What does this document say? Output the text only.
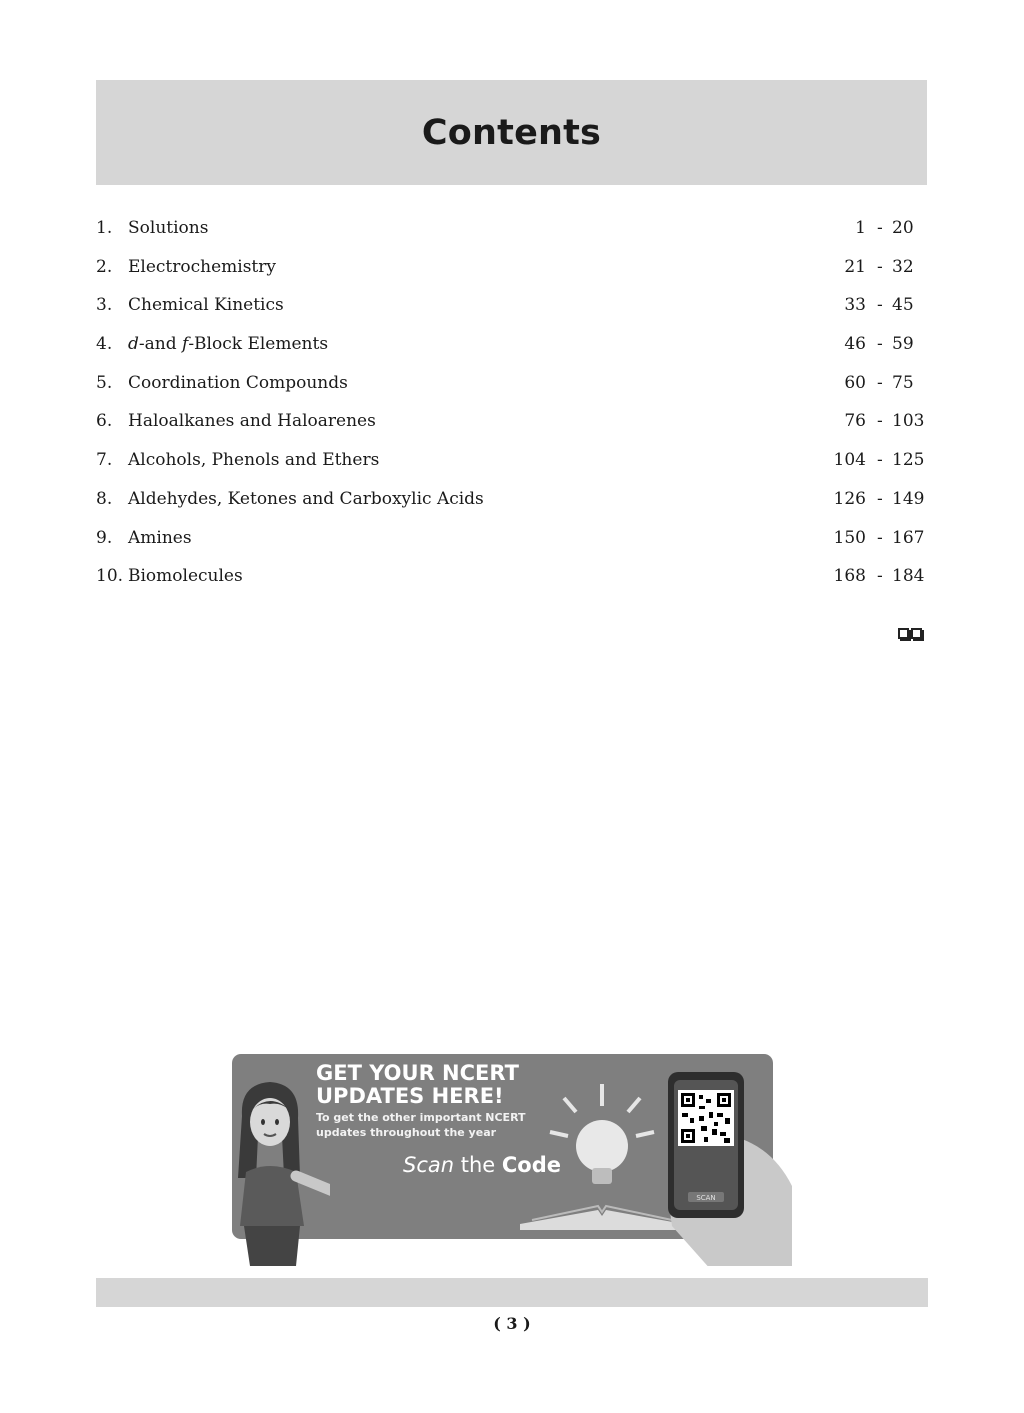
Contents
1. Solutions	1 - 20
2. Electrochemistry	21 - 32
3. Chemical Kinetics	33 - 45
4. d-and f-Block Elements	46 - 59
5. Coordination Compounds	60 - 75
6. Haloalkanes and Haloarenes	76 - 103
7. Alcohols, Phenols and Ethers	104 - 125
8. Aldehydes, Ketones and Carboxylic Acids	126 - 149
9. Amines	150 - 167
10. Biomolecules	168 - 184
GET YOUR NCERT
UPDATES HERE!
To get the other important NCERT
updates throughout the year
Scan the Code
SCAN
( 3 )
